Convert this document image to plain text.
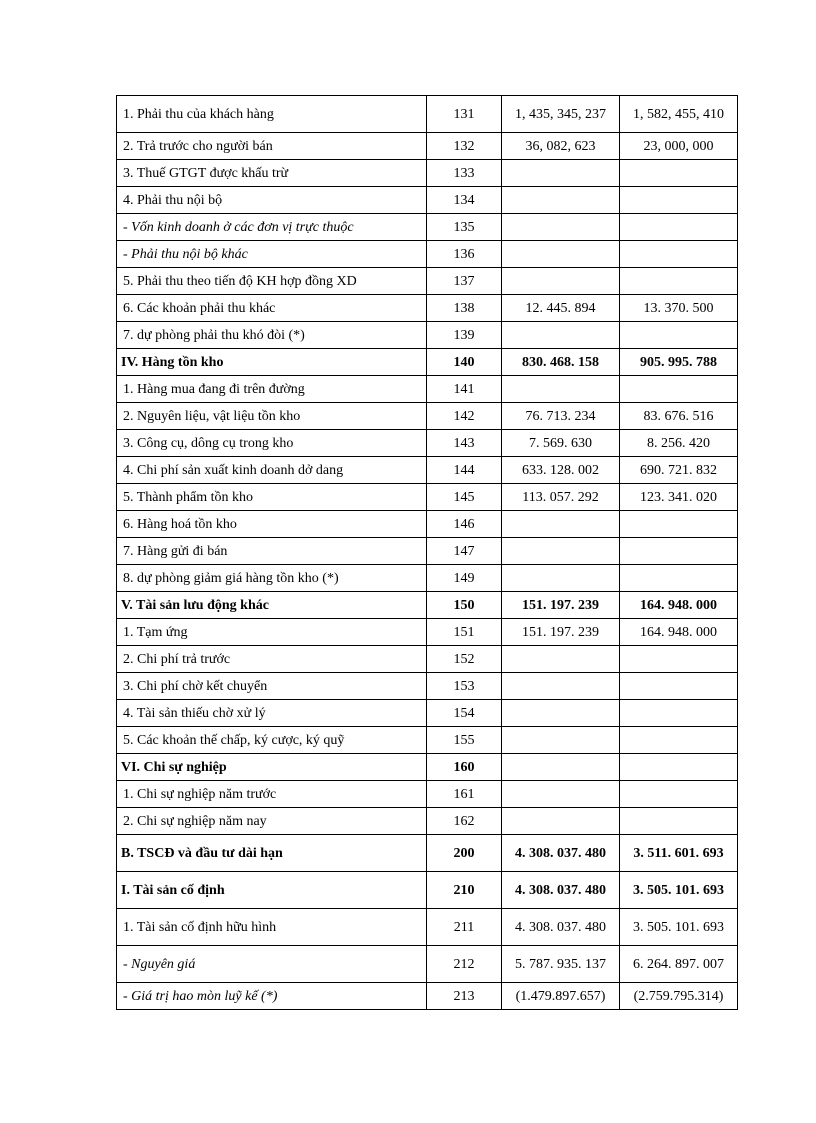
1. Phải thu của khách hàng	131	1, 435, 345, 237	1, 582, 455, 410
2. Trả trước cho người bán	132	36, 082, 623	23, 000, 000
3. Thuế GTGT được khấu trừ	133		
4. Phải thu nội bộ	134		
- Vốn kinh doanh ở các đơn vị trực thuộc	135		
- Phải thu nội bộ khác	136		
5. Phải thu theo tiến độ KH hợp đồng XD	137		
6. Các khoản phải thu khác	138	12. 445. 894	13. 370. 500
7. dự phòng phải thu khó đòi (*)	139		
IV. Hàng tồn kho	140	830. 468. 158	905. 995. 788
1. Hàng mua đang đi trên đường	141		
2. Nguyên liệu, vật liệu tồn kho	142	76. 713. 234	83. 676. 516
3. Công cụ, dông cụ trong kho	143	7. 569. 630	8. 256. 420
4. Chi phí sản xuất kinh doanh dở dang	144	633. 128. 002	690. 721. 832
5. Thành phẩm tồn kho	145	113. 057. 292	123. 341. 020
6. Hàng hoá tồn kho	146		
7. Hàng gửi đi bán	147		
8. dự phòng giảm giá hàng tồn kho (*)	149		
V. Tài sản lưu động khác	150	151. 197. 239	164. 948. 000
1. Tạm ứng	151	151. 197. 239	164. 948. 000
2. Chi phí trả trước	152		
3. Chi phí chờ kết chuyển	153		
4. Tài sản thiếu chờ xử lý	154		
5. Các khoản thế chấp, ký cược, ký quỹ	155		
VI. Chi sự nghiệp	160		
1. Chi sự nghiệp năm trước	161		
2. Chi sự nghiệp năm nay	162		
B. TSCĐ và đầu tư dài hạn	200	4. 308. 037. 480	3. 511. 601. 693
I. Tài sản cố định	210	4. 308. 037. 480	3. 505. 101. 693
1. Tài sản cố định hữu hình	211	4. 308. 037. 480	3. 505. 101. 693
- Nguyên giá	212	5. 787. 935. 137	6. 264. 897. 007
- Giá trị hao mòn luỹ kế (*)	213	(1.479.897.657)	(2.759.795.314)
